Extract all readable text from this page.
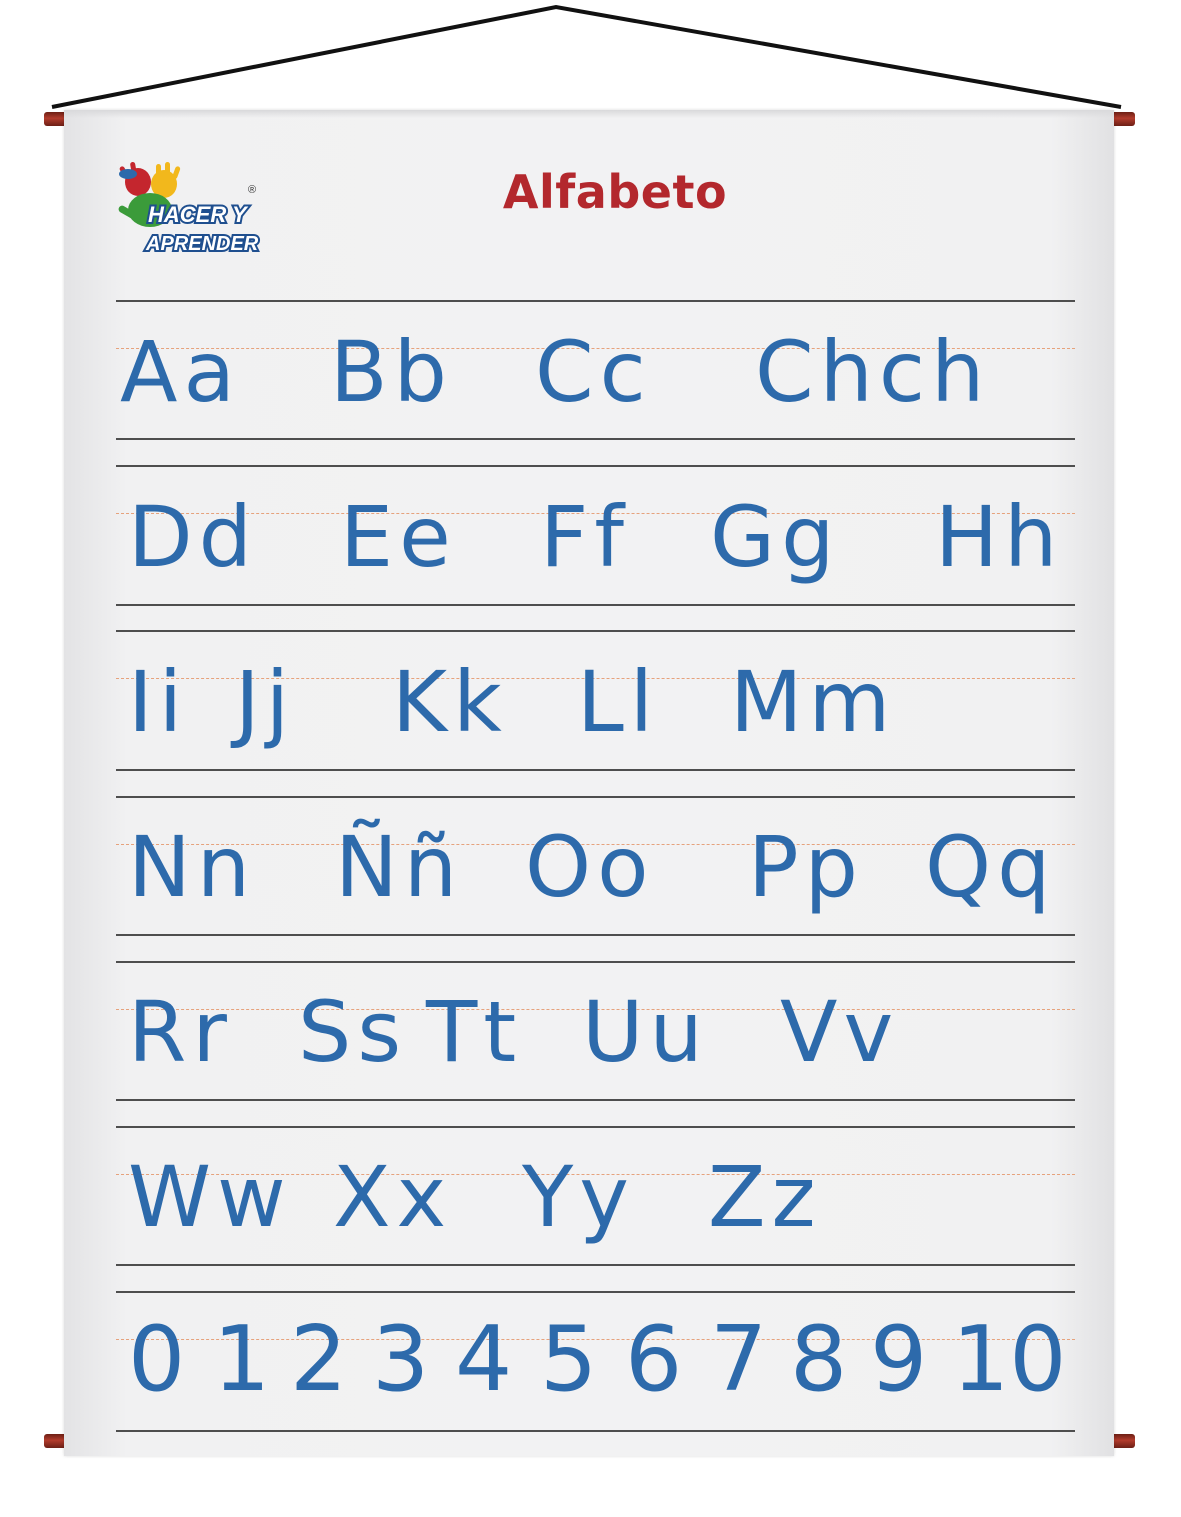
HACER Y
APRENDER
®	Alfabeto
Aa Bb Cc Chch
Dd Ee Ff Gg Hh
Ii Jj Kk Ll Mm
Nn Ññ Oo Pp Qq
Rr Ss Tt Uu Vv
Ww Xx Yy Zz
0 1 2 3 4 5 6 7 8 9 10
